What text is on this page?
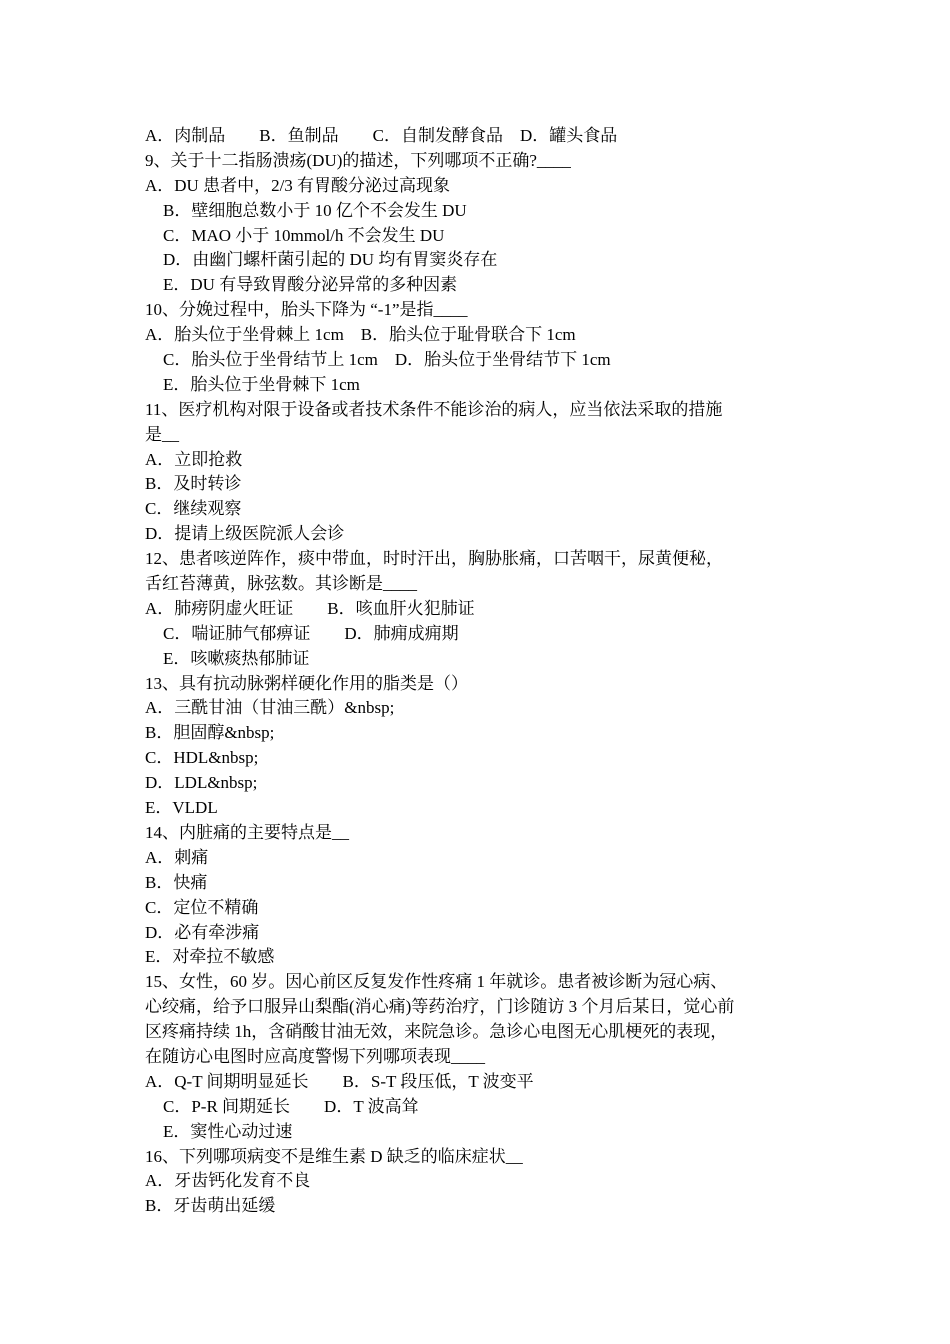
A．肉制品　　B．鱼制品　　C．自制发酵食品　D．罐头食品
9、关于十二指肠溃疡(DU)的描述，下列哪项不正确?____
A．DU 患者中，2/3 有胃酸分泌过高现象
B．壁细胞总数小于 10 亿个不会发生 DU
C．MAO 小于 10mmol/h 不会发生 DU
D．由幽门螺杆菌引起的 DU 均有胃窦炎存在
E．DU 有导致胃酸分泌异常的多种因素
10、分娩过程中，胎头下降为 “-1”是指____
A．胎头位于坐骨棘上 1cm　B．胎头位于耻骨联合下 1cm
C．胎头位于坐骨结节上 1cm　D．胎头位于坐骨结节下 1cm
E．胎头位于坐骨棘下 1cm
11、医疗机构对限于设备或者技术条件不能诊治的病人，应当依法采取的措施
是__
A．立即抢救
B．及时转诊
C．继续观察
D．提请上级医院派人会诊
12、患者咳逆阵作，痰中带血，时时汗出，胸胁胀痛，口苦咽干，尿黄便秘，
舌红苔薄黄，脉弦数。其诊断是____
A．肺痨阴虚火旺证　　B．咳血肝火犯肺证
C．喘证肺气郁痹证　　D．肺痈成痈期
E．咳嗽痰热郁肺证
13、具有抗动脉粥样硬化作用的脂类是（）
A．三酰甘油（甘油三酰）&nbsp;
B．胆固醇&nbsp;
C．HDL&nbsp;
D．LDL&nbsp;
E．VLDL
14、内脏痛的主要特点是__
A．刺痛
B．快痛
C．定位不精确
D．必有牵涉痛
E．对牵拉不敏感
15、女性，60 岁。因心前区反复发作性疼痛 1 年就诊。患者被诊断为冠心病、
心绞痛，给予口服异山梨酯(消心痛)等药治疗，门诊随访 3 个月后某日，觉心前
区疼痛持续 1h，含硝酸甘油无效，来院急诊。急诊心电图无心肌梗死的表现，
在随访心电图时应高度警惕下列哪项表现____
A．Q-T 间期明显延长　　B．S-T 段压低，T 波变平
C．P-R 间期延长　　D．T 波高耸
E．窦性心动过速
16、下列哪项病变不是维生素 D 缺乏的临床症状__
A．牙齿钙化发育不良
B．牙齿萌出延缓
